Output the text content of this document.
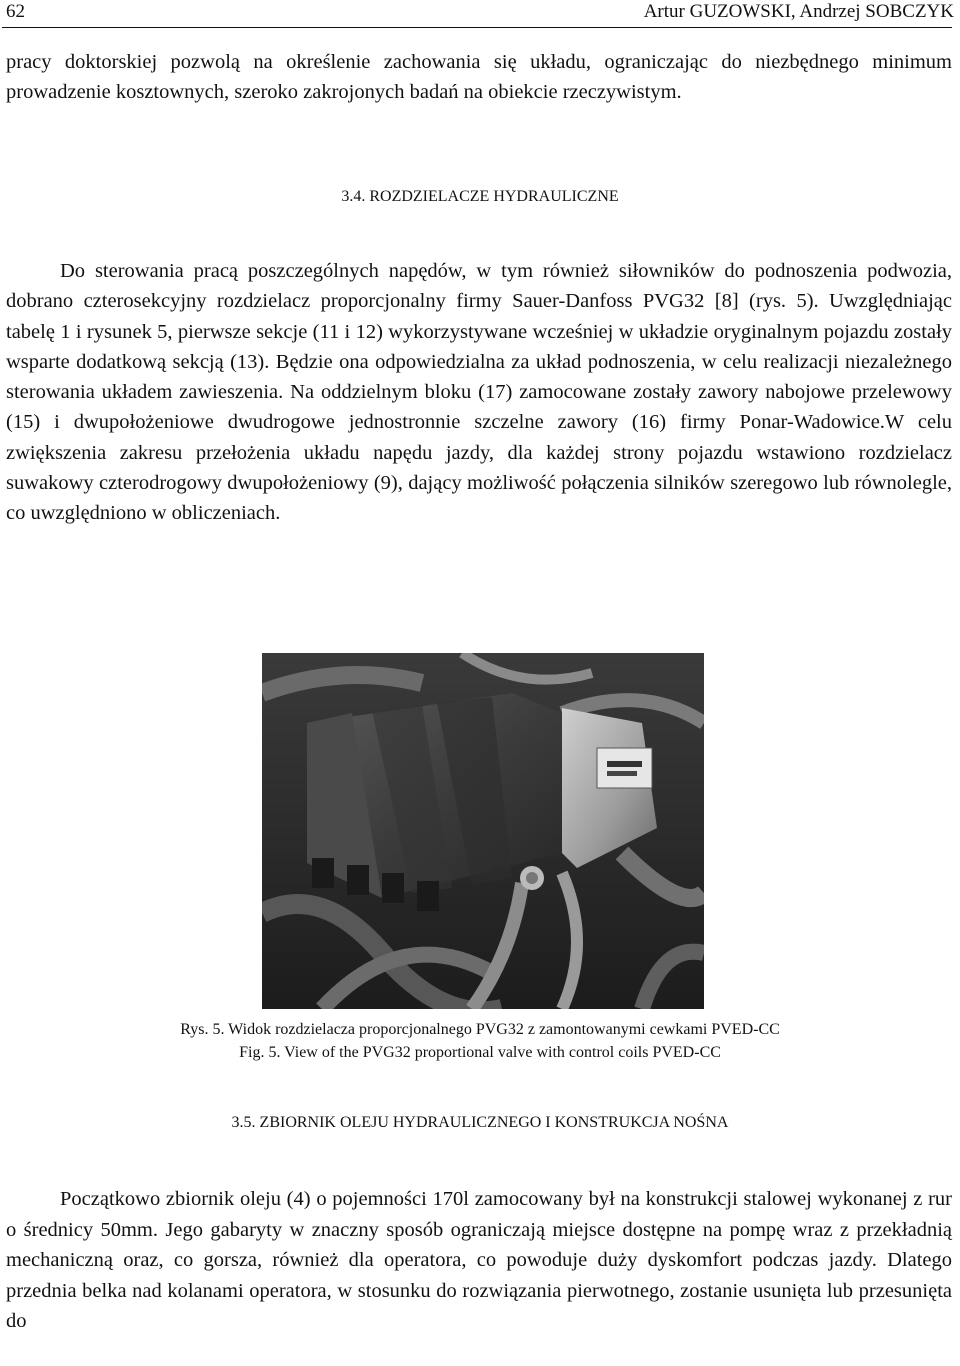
62	Artur GUZOWSKI, Andrzej SOBCZYK

pracy doktorskiej pozwolą na określenie zachowania się układu, ograniczając do niezbędnego minimum prowadzenie kosztownych, szeroko zakrojonych badań na obiekcie rzeczywistym.

3.4. ROZDZIELACZE HYDRAULICZNE

Do sterowania pracą poszczególnych napędów, w tym również siłowników do podnoszenia podwozia, dobrano czterosekcyjny rozdzielacz proporcjonalny firmy Sauer-Danfoss PVG32 [8] (rys. 5). Uwzględniając tabelę 1 i rysunek 5, pierwsze sekcje (11 i 12) wykorzystywane wcześniej w układzie oryginalnym pojazdu zostały wsparte dodatkową sekcją (13). Będzie ona odpowiedzialna za układ podnoszenia, w celu realizacji niezależnego sterowania układem zawieszenia. Na oddzielnym bloku (17) zamocowane zostały zawory nabojowe przelewowy (15) i dwupołożeniowe dwudrogowe jednostronnie szczelne zawory (16) firmy Ponar-Wadowice.W celu zwiększenia zakresu przełożenia układu napędu jazdy, dla każdej strony pojazdu wstawiono rozdzielacz suwakowy czterodrogowy dwupołożeniowy (9), dający możliwość połączenia silników szeregowo lub równolegle, co uwzględniono w obliczeniach.

Rys. 5. Widok rozdzielacza proporcjonalnego PVG32 z zamontowanymi cewkami PVED-CC
Fig. 5. View of the PVG32 proportional valve with control coils PVED-CC
3.5. ZBIORNIK OLEJU HYDRAULICZNEGO I KONSTRUKCJA NOŚNA

Początkowo zbiornik oleju (4) o pojemności 170l zamocowany był na konstrukcji stalowej wykonanej z rur o średnicy 50mm. Jego gabaryty w znaczny sposób ograniczają miejsce dostępne na pompę wraz z przekładnią mechaniczną oraz, co gorsza, również dla operatora, co powoduje duży dyskomfort podczas jazdy. Dlatego przednia belka nad kolanami operatora, w stosunku do rozwiązania pierwotnego, zostanie usunięta lub przesunięta do
